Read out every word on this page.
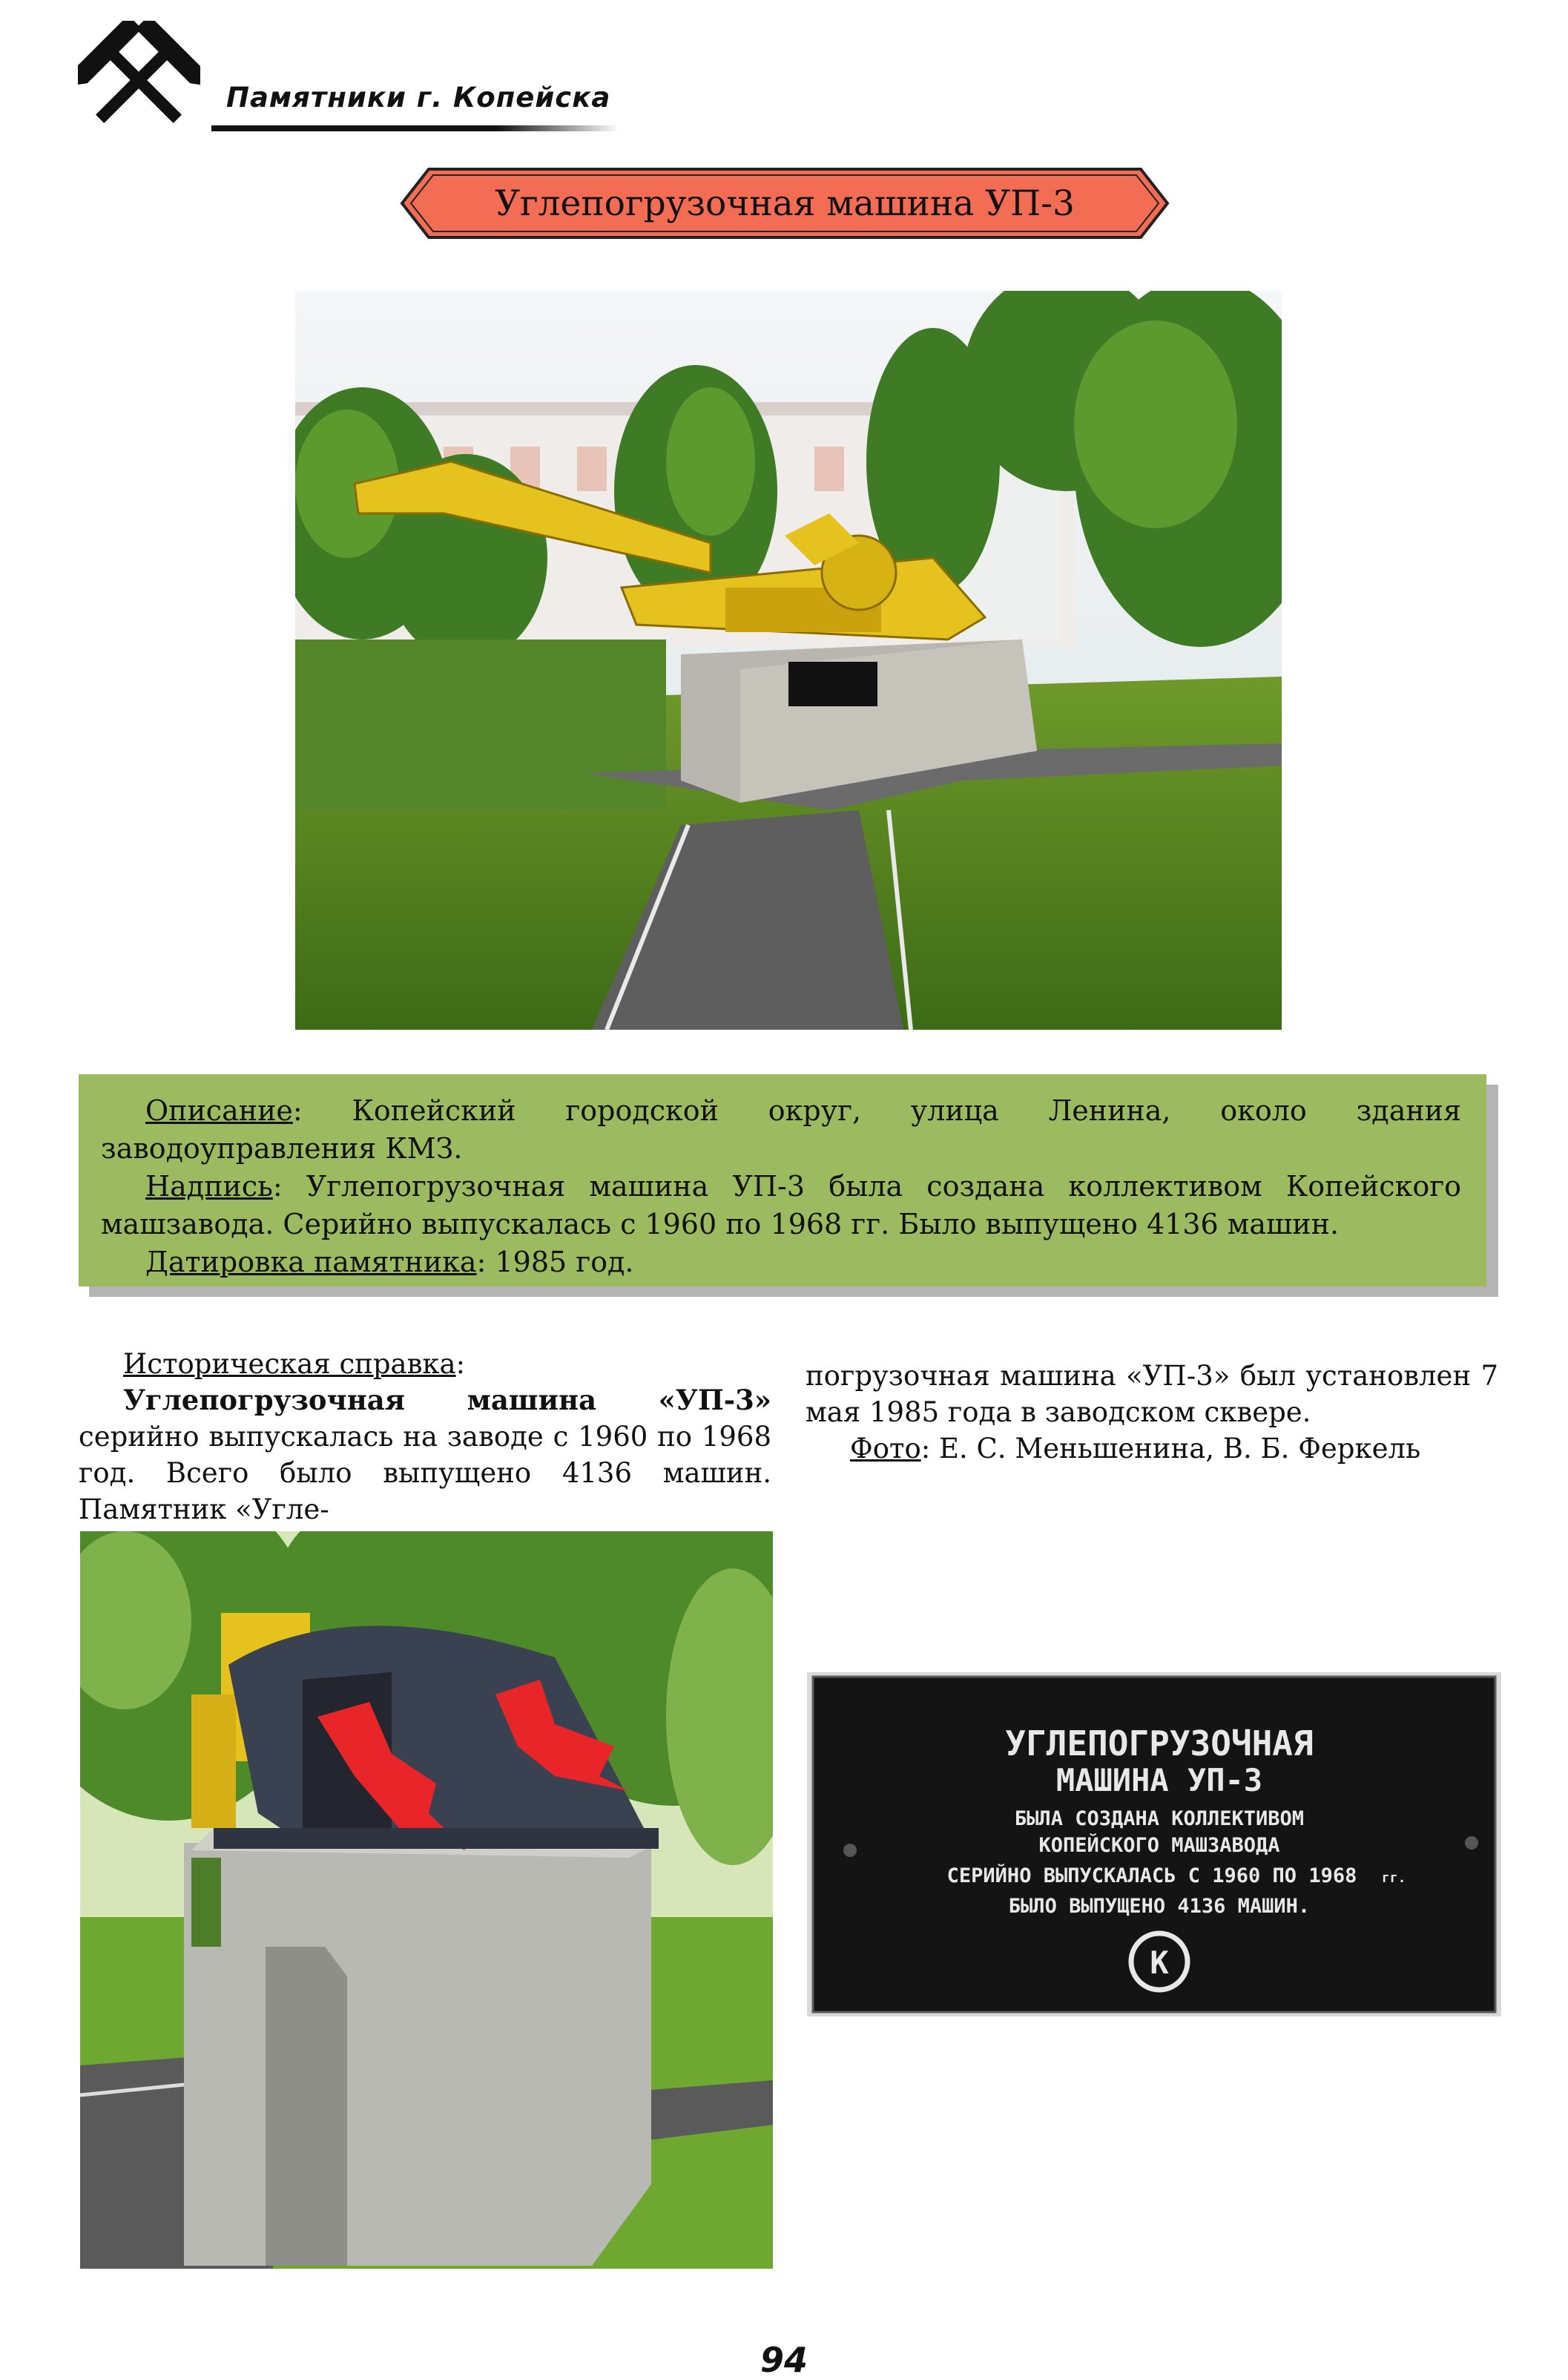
Памятники г. Копейска
Углепогрузочная машина УП-3

Описание: Копейский городской округ, улица Ленина, около здания заводоуправления КМЗ.

Надпись: Углепогрузочная машина УП-3 была создана коллективом Копейского машзавода. Серийно выпускалась с 1960 по 1968 гг. Было выпущено 4136 машин.

Датировка памятника: 1985 год.

Историческая справка:

Углепогрузочная машина «УП-3» серийно выпускалась на заводе с 1960 по 1968 год. Всего было выпущено 4136 машин. Памятник «Угле-

погрузочная машина «УП-3» был установлен 7 мая 1985 года в заводском сквере.

Фото: Е. С. Меньшенина, В. Б. Феркель

УГЛЕПОГРУЗОЧНАЯ
МАШИНА УП-3
БЫЛА СОЗДАНА КОЛЛЕКТИВОМ
КОПЕЙСКОГО МАШЗАВОДА
СЕРИЙНО ВЫПУСКАЛАСЬ С 1960 ПО 1968 гг.
БЫЛО ВЫПУЩЕНО 4136 МАШИН.
К
94
